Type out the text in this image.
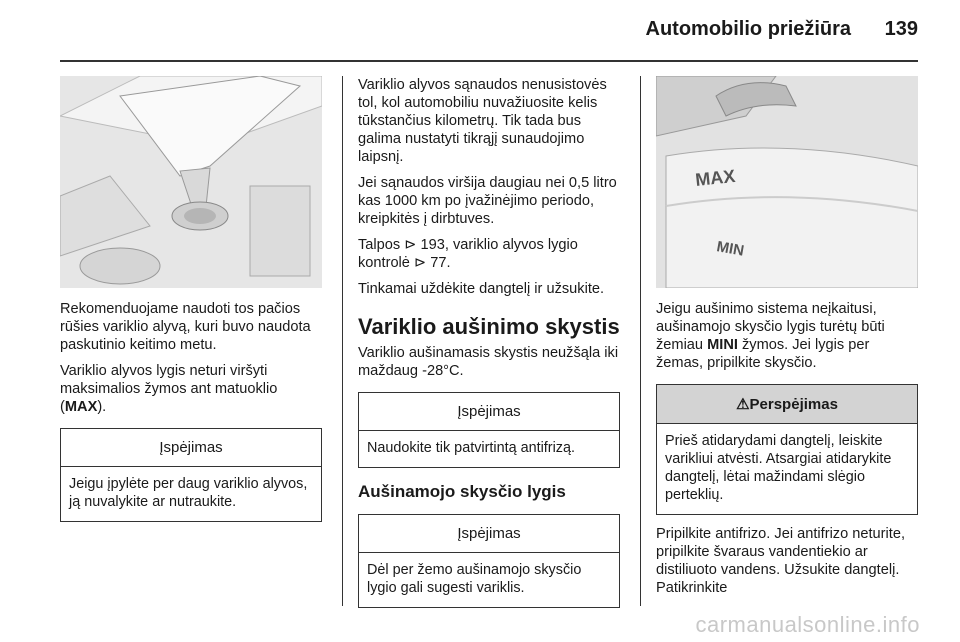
Automobilio priežiūra 139

Rekomenduojame naudoti tos pačios rūšies variklio alyvą, kuri buvo naudota paskutinio keitimo metu.

Variklio alyvos lygis neturi viršyti maksimalios žymos ant matuoklio (MAX).

Įspėjimas
Jeigu įpylėte per daug variklio alyvos, ją nuvalykite ar nutraukite.

Variklio alyvos sąnaudos nenusistovės tol, kol automobiliu nuvažiuosite kelis tūkstančius kilometrų. Tik tada bus galima nustatyti tikrąjį sunaudojimo laipsnį.

Jei sąnaudos viršija daugiau nei 0,5 litro kas 1000 km po įvažinėjimo periodo, kreipkitės į dirbtuves.

Talpos ⊳ 193, variklio alyvos lygio kontrolė ⊳ 77.

Tinkamai uždėkite dangtelį ir užsukite.

Variklio aušinimo skystis

Variklio aušinamasis skystis neužšąla iki maždaug -28°C.

Įspėjimas
Naudokite tik patvirtintą antifrizą.
Aušinamojo skysčio lygis
Įspėjimas
Dėl per žemo aušinamojo skysčio lygio gali sugesti variklis.
MAX
MIN

Jeigu aušinimo sistema neįkaitusi, aušinamojo skysčio lygis turėtų būti žemiau MINI žymos. Jei lygis per žemas, pripilkite skysčio.

⚠Perspėjimas
Prieš atidarydami dangtelį, leiskite varikliui atvėsti. Atsargiai atidarykite dangtelį, lėtai mažindami slėgio perteklių.

Pripilkite antifrizo. Jei antifrizo neturite, pripilkite švaraus vandentiekio ar distiliuoto vandens. Užsukite dangtelį. Patikrinkite

carmanualsonline.info
